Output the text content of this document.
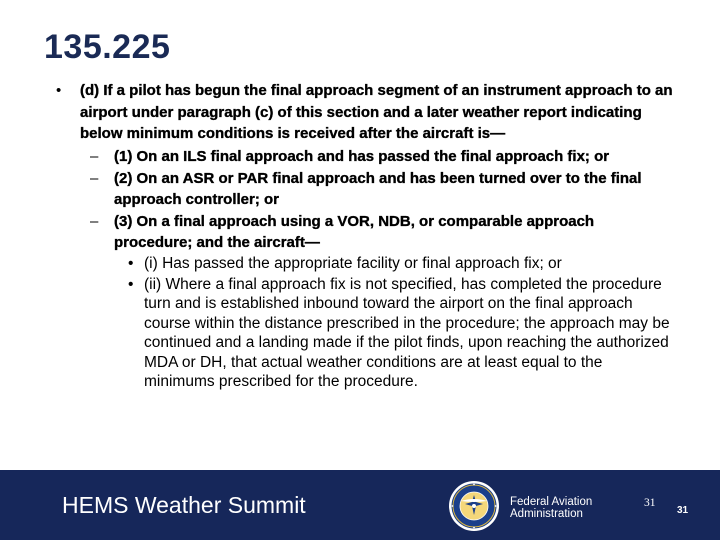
135.225
• (d) If a pilot has begun the final approach segment of an instrument approach to an airport under paragraph (c) of this section and a later weather report indicating below minimum conditions is received after the aircraft is—
– (1) On an ILS final approach and has passed the final approach fix; or
– (2) On an ASR or PAR final approach and has been turned over to the final approach controller; or
– (3) On a final approach using a VOR, NDB, or comparable approach procedure; and the aircraft—
• (i) Has passed the appropriate facility or final approach fix; or
• (ii) Where a final approach fix is not specified, has completed the procedure turn and is established inbound toward the airport on the final approach course within the distance prescribed in the procedure; the approach may be continued and a landing made if the pilot finds, upon reaching the authorized MDA or DH, that actual weather conditions are at least equal to the minimums prescribed for the procedure.
HEMS Weather Summit	Federal Aviation
Administration
31
31
